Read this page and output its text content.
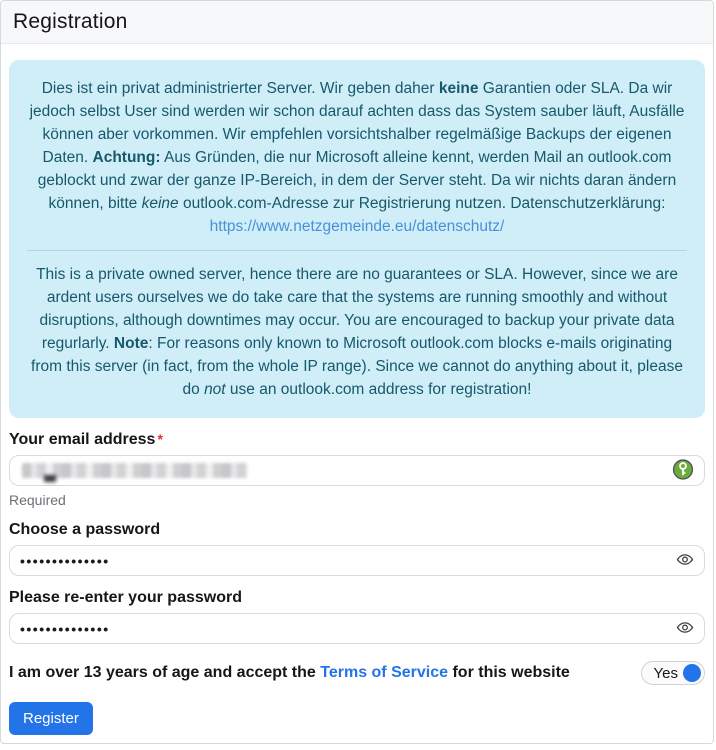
Registration
Dies ist ein privat administrierter Server. Wir geben daher keine Garantien oder SLA. Da wir jedoch selbst User sind werden wir schon darauf achten dass das System sauber läuft, Ausfälle können aber vorkommen. Wir empfehlen vorsichtshalber regelmäßige Backups der eigenen Daten. Achtung: Aus Gründen, die nur Microsoft alleine kennt, werden Mail an outlook.com geblockt und zwar der ganze IP-Bereich, in dem der Server steht. Da wir nichts daran ändern können, bitte keine outlook.com-Adresse zur Registrierung nutzen. Datenschutzerklärung: https://www.netzgemeinde.eu/datenschutz/
This is a private owned server, hence there are no guarantees or SLA. However, since we are ardent users ourselves we do take care that the systems are running smoothly and without disruptions, although downtimes may occur. You are encouraged to backup your private data regurlarly. Note: For reasons only known to Microsoft outlook.com blocks e-mails originating from this server (in fact, from the whole IP range). Since we cannot do anything about it, please do not use an outlook.com address for registration!
Your email address *
Required
Choose a password
••••••••••••••
Please re-enter your password
••••••••••••••
I am over 13 years of age and accept the Terms of Service for this website	Yes
Register
